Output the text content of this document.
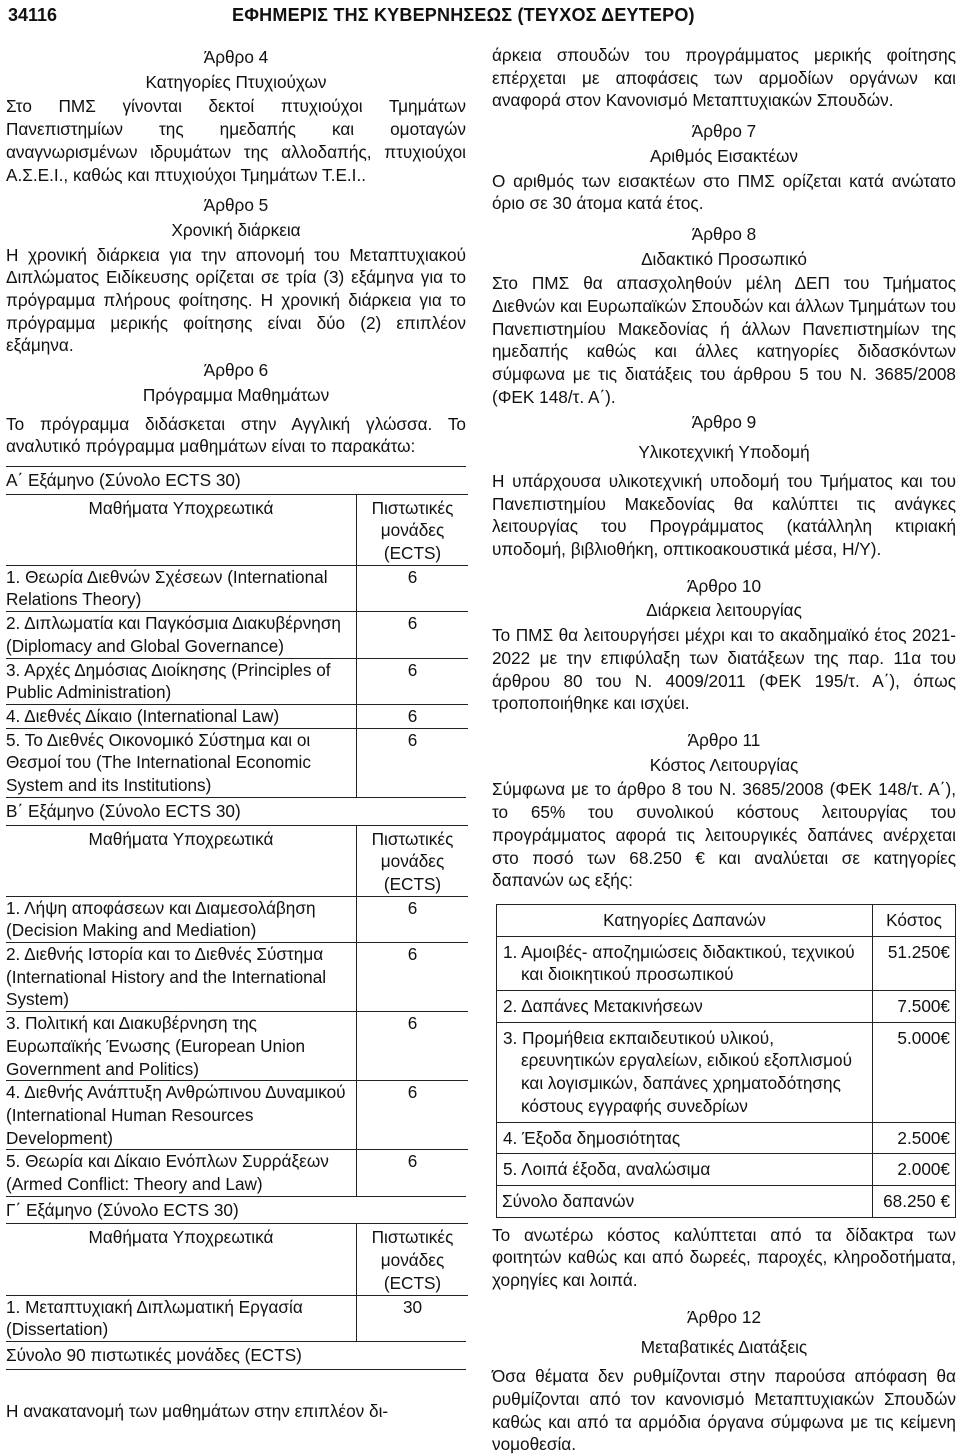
34116	ΕΦΗΜΕΡΙΣ ΤΗΣ ΚΥΒΕΡΝΗΣΕΩΣ (ΤΕΥΧΟΣ ΔΕΥΤΕΡΟ)
Άρθρο 4
Κατηγορίες Πτυχιούχων

Στο ΠΜΣ γίνονται δεκτοί πτυχιούχοι Τμημάτων Πανεπιστημίων της ημεδαπής και ομοταγών αναγνωρισμένων ιδρυμάτων της αλλοδαπής, πτυχιούχοι Α.Σ.Ε.Ι., καθώς και πτυχιούχοι Τμημάτων Τ.Ε.Ι..

Άρθρο 5
Χρονική διάρκεια

Η χρονική διάρκεια για την απονομή του Μεταπτυχιακού Διπλώματος Ειδίκευσης ορίζεται σε τρία (3) εξάμηνα για το πρόγραμμα πλήρους φοίτησης. Η χρονική διάρκεια για το πρόγραμμα μερικής φοίτησης είναι δύο (2) επιπλέον εξάμηνα.

Άρθρο 6
Πρόγραμμα Μαθημάτων

Το πρόγραμμα διδάσκεται στην Αγγλική γλώσσα. Το αναλυτικό πρόγραμμα μαθημάτων είναι το παρακάτω:

Α΄ Εξάμηνο (Σύνολο ECTS 30)
Μαθήματα Υποχρεωτικά	Πιστωτικές μονάδες (ECTS)
1. Θεωρία Διεθνών Σχέσεων (International Relations Theory)	6
2. Διπλωματία και Παγκόσμια Διακυβέρνηση (Diplomacy and Global Governance)	6
3. Αρχές Δημόσιας Διοίκησης (Principles of Public Administration)	6
4. Διεθνές Δίκαιο (International Law)	6
5. Το Διεθνές Οικονομικό Σύστημα και οι Θεσμοί του (The International Economic System and its Institutions)	6
Β΄ Εξάμηνο (Σύνολο ECTS 30)
Μαθήματα Υποχρεωτικά	Πιστωτικές μονάδες (ECTS)
1. Λήψη αποφάσεων και Διαμεσολάβηση (Decision Making and Mediation)	6
2. Διεθνής Ιστορία και το Διεθνές Σύστημα (International History and the International System)	6
3. Πολιτική και Διακυβέρνηση της Ευρωπαϊκής Ένωσης (European Union Government and Politics)	6
4. Διεθνής Ανάπτυξη Ανθρώπινου Δυναμικού (International Human Resources Development)	6
5. Θεωρία και Δίκαιο Ενόπλων Συρράξεων (Armed Conflict: Theory and Law)	6
Γ΄ Εξάμηνο (Σύνολο ECTS 30)
Μαθήματα Υποχρεωτικά	Πιστωτικές μονάδες (ECTS)
1. Μεταπτυχιακή Διπλωματική Εργασία (Dissertation)	30
Σύνολο 90 πιστωτικές μονάδες (ECTS)
Η ανακατανομή των μαθημάτων στην επιπλέον δι-

άρκεια σπουδών του προγράμματος μερικής φοίτησης επέρχεται με αποφάσεις των αρμοδίων οργάνων και αναφορά στον Κανονισμό Μεταπτυχιακών Σπουδών.

Άρθρο 7
Αριθμός Εισακτέων

Ο αριθμός των εισακτέων στο ΠΜΣ ορίζεται κατά ανώτατο όριο σε 30 άτομα κατά έτος.

Άρθρο 8
Διδακτικό Προσωπικό

Στο ΠΜΣ θα απασχοληθούν μέλη ΔΕΠ του Τμήματος Διεθνών και Ευρωπαϊκών Σπουδών και άλλων Τμημάτων του Πανεπιστημίου Μακεδονίας ή άλλων Πανεπιστημίων της ημεδαπής καθώς και άλλες κατηγορίες διδασκόντων σύμφωνα με τις διατάξεις του άρθρου 5 του Ν. 3685/2008 (ΦΕΚ 148/τ. Α΄).

Άρθρο 9
Υλικοτεχνική Υποδομή

Η υπάρχουσα υλικοτεχνική υποδομή του Τμήματος και του Πανεπιστημίου Μακεδονίας θα καλύπτει τις ανάγκες λειτουργίας του Προγράμματος (κατάλληλη κτιριακή υποδομή, βιβλιοθήκη, οπτικοακουστικά μέσα, Η/Υ).

Άρθρο 10
Διάρκεια λειτουργίας

Το ΠΜΣ θα λειτουργήσει μέχρι και το ακαδημαϊκό έτος 2021- 2022 με την επιφύλαξη των διατάξεων της παρ. 11α του άρθρου 80 του Ν. 4009/2011 (ΦΕΚ 195/τ. Α΄), όπως τροποποιήθηκε και ισχύει.

Άρθρο 11
Κόστος Λειτουργίας

Σύμφωνα με το άρθρο 8 του Ν. 3685/2008 (ΦΕΚ 148/τ. Α΄), το 65% του συνολικού κόστους λειτουργίας του προγράμματος αφορά τις λειτουργικές δαπάνες ανέρχεται στο ποσό των 68.250 € και αναλύεται σε κατηγορίες δαπανών ως εξής:

Κατηγορίες Δαπανών	Κόστος
1. Αμοιβές- αποζημιώσεις διδακτικού, τεχνικού και διοικητικού προσωπικού	51.250€
2. Δαπάνες Μετακινήσεων	7.500€
3. Προμήθεια εκπαιδευτικού υλικού, ερευνητικών εργαλείων, ειδικού εξοπλισμού και λογισμικών, δαπάνες χρηματοδότησης κόστους εγγραφής συνεδρίων	5.000€
4. Έξοδα δημοσιότητας	2.500€
5. Λοιπά έξοδα, αναλώσιμα	2.000€
Σύνολο δαπανών	68.250 €

Το ανωτέρω κόστος καλύπτεται από τα δίδακτρα των φοιτητών καθώς και από δωρεές, παροχές, κληροδοτήματα, χορηγίες και λοιπά.

Άρθρο 12
Μεταβατικές Διατάξεις

Όσα θέματα δεν ρυθμίζονται στην παρούσα απόφαση θα ρυθμίζονται από τον κανονισμό Μεταπτυχιακών Σπουδών καθώς και από τα αρμόδια όργανα σύμφωνα με τις κείμενη νομοθεσία.
